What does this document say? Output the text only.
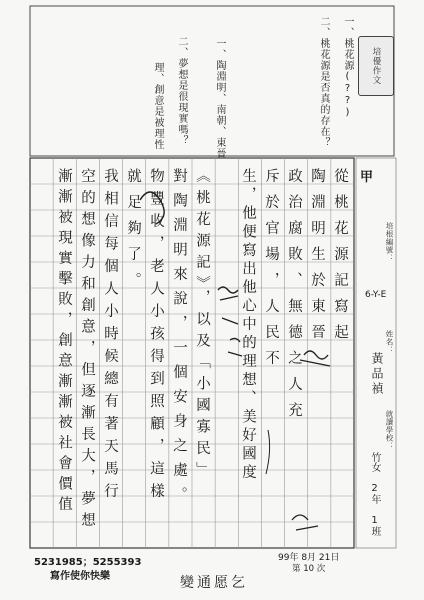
培優作文
一、桃花源(??)
二、桃花源是否真的存在？
一、陶淵明、南朝、東晉
二、夢想是很現實嗎？
理、創意是被理性
甲
培根編號：
6-Y-E
姓名：
黃品禎
就讀學校：
竹女 2年 1班
從桃花源記寫起
陶淵明生於東晉
政治腐敗、無德之人充
斥於官場，人民不
生，他便寫出他心中的理想、美好國度
《桃花源記》，以及「小國寡民」
對陶淵明來說，一個安身之處。
物豐收，老人小孩得到照顧，這樣
就足夠了。
我相信每個人小時候總有著天馬行
空的想像力和創意，但逐漸長大，夢想
漸漸被現實擊敗，創意漸漸被社會價值
99年 8月 21日
第 10 次
5231985；5255393
寫作使你快樂	變通愿乞
